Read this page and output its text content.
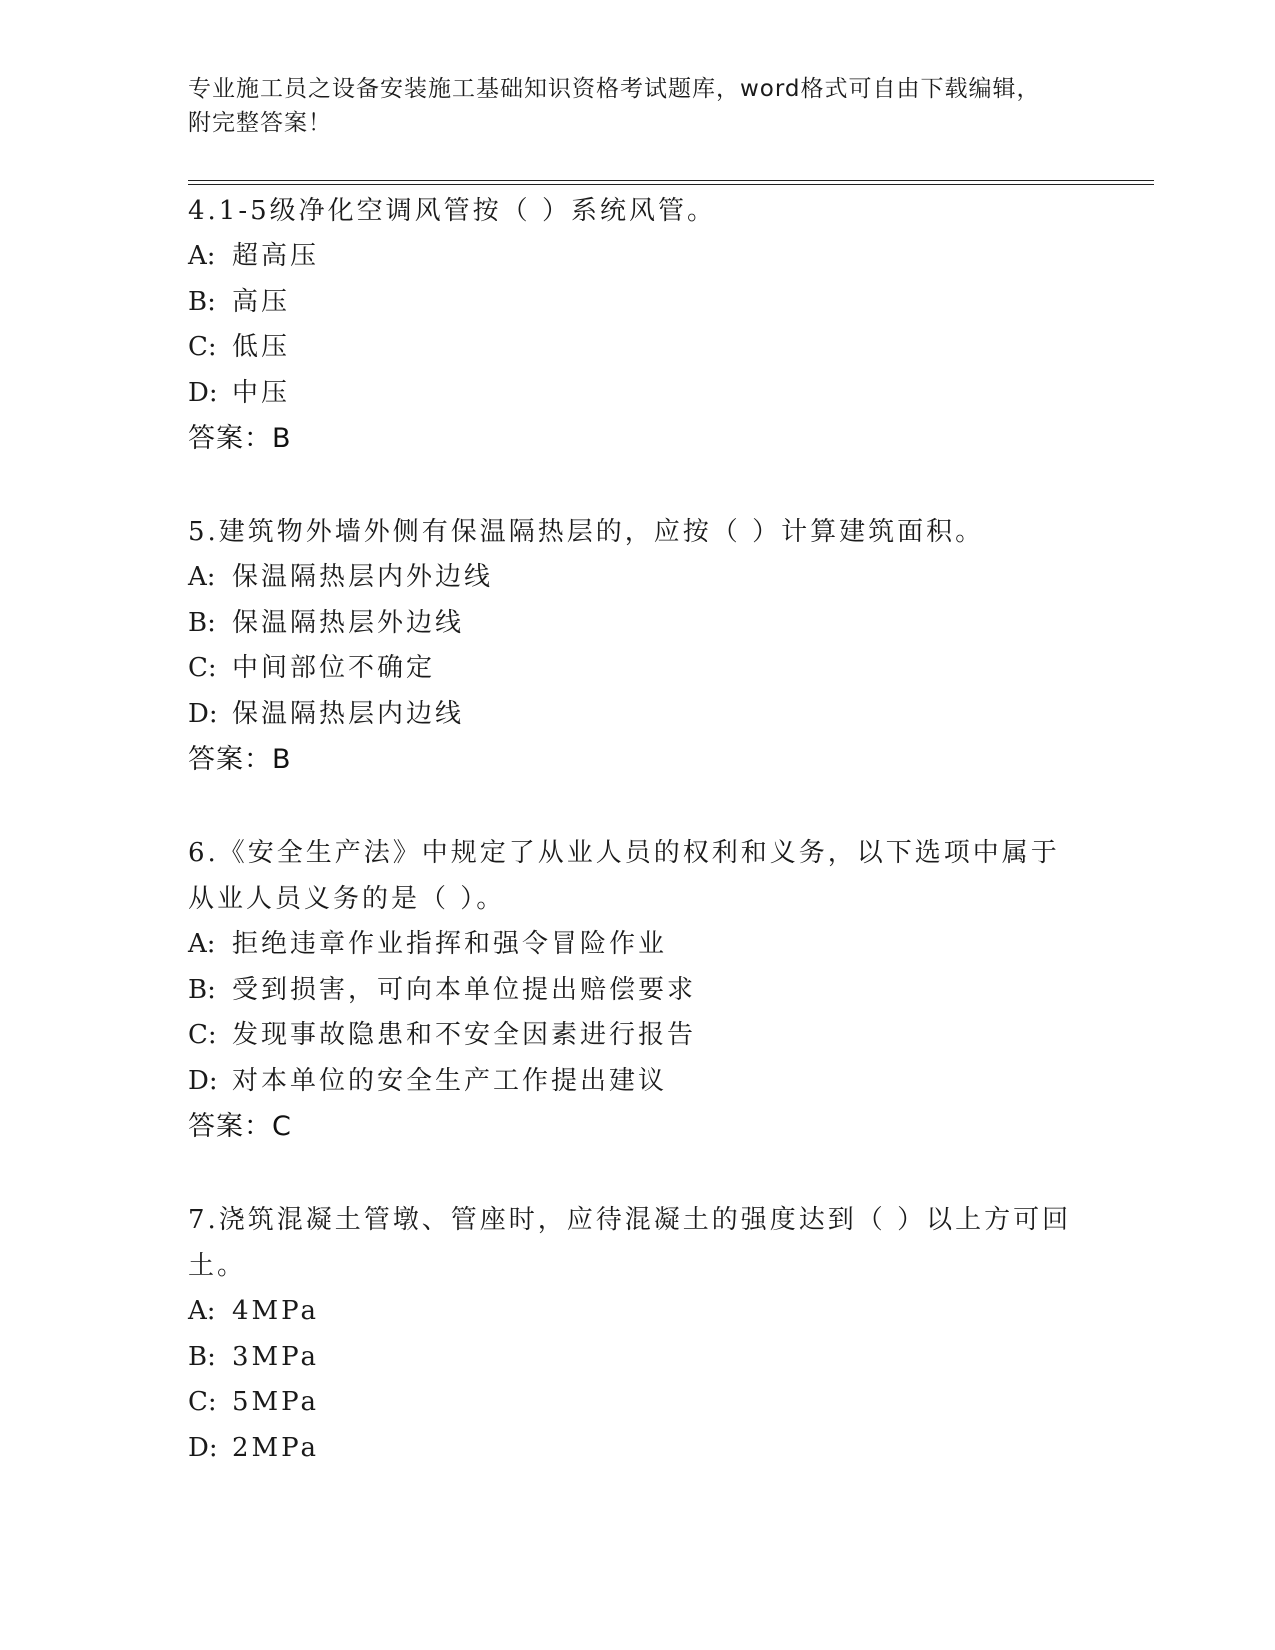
专业施工员之设备安装施工基础知识资格考试题库，word格式可自由下载编辑，
附完整答案！

4.1-5级净化空调风管按（ ）系统风管。

A: 超高压
B: 高压
C: 低压
D: 中压
答案：B

5.建筑物外墙外侧有保温隔热层的，应按（ ）计算建筑面积。

A: 保温隔热层内外边线
B: 保温隔热层外边线
C: 中间部位不确定
D: 保温隔热层内边线
答案：B

6.《安全生产法》中规定了从业人员的权利和义务，以下选项中属于

从业人员义务的是（ ）。

A: 拒绝违章作业指挥和强令冒险作业
B: 受到损害，可向本单位提出赔偿要求
C: 发现事故隐患和不安全因素进行报告
D: 对本单位的安全生产工作提出建议
答案：C

7.浇筑混凝土管墩、管座时，应待混凝土的强度达到（ ）以上方可回

土。

A: 4MPa
B: 3MPa
C: 5MPa
D: 2MPa
